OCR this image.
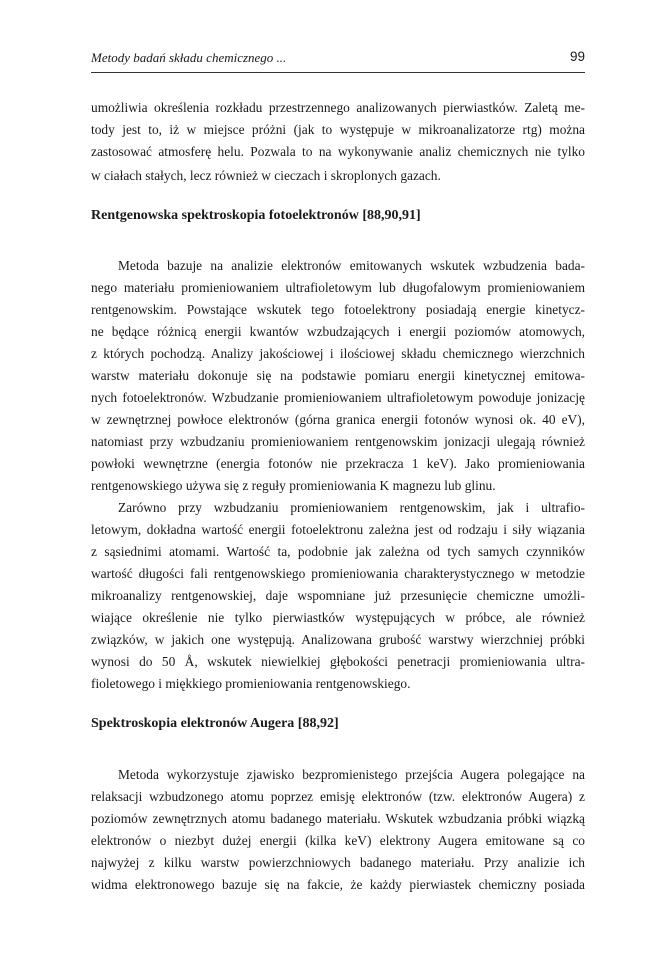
Metody badań składu chemicznego ...	99
umożliwia określenia rozkładu przestrzennego analizowanych pierwiastków. Zaletą me-
tody jest to, iż w miejsce próżni (jak to występuje w mikroanalizatorze rtg) można
zastosować atmosferę helu. Pozwala to na wykonywanie analiz chemicznych nie tylko
w ciałach stałych, lecz również w cieczach i skroplonych gazach.
Rentgenowska spektroskopia fotoelektronów [88,90,91]
Metoda bazuje na analizie elektronów emitowanych wskutek wzbudzenia bada-
nego materiału promieniowaniem ultrafioletowym lub długofalowym promieniowaniem
rentgenowskim. Powstające wskutek tego fotoelektrony posiadają energie kinetycz-
ne będące różnicą energii kwantów wzbudzających i energii poziomów atomowych,
z których pochodzą. Analizy jakościowej i ilościowej składu chemicznego wierzchnich
warstw materiału dokonuje się na podstawie pomiaru energii kinetycznej emitowa-
nych fotoelektronów. Wzbudzanie promieniowaniem ultrafioletowym powoduje jonizację
w zewnętrznej powłoce elektronów (górna granica energii fotonów wynosi ok. 40 eV),
natomiast przy wzbudzaniu promieniowaniem rentgenowskim jonizacji ulegają również
powłoki wewnętrzne (energia fotonów nie przekracza 1 keV). Jako promieniowania
rentgenowskiego używa się z reguły promieniowania K magnezu lub glinu.
Zarówno przy wzbudzaniu promieniowaniem rentgenowskim, jak i ultrafio-
letowym, dokładna wartość energii fotoelektronu zależna jest od rodzaju i siły wiązania
z sąsiednimi atomami. Wartość ta, podobnie jak zależna od tych samych czynników
wartość długości fali rentgenowskiego promieniowania charakterystycznego w metodzie
mikroanalizy rentgenowskiej, daje wspomniane już przesunięcie chemiczne umożli-
wiające określenie nie tylko pierwiastków występujących w próbce, ale również
związków, w jakich one występują. Analizowana grubość warstwy wierzchniej próbki
wynosi do 50 Å, wskutek niewielkiej głębokości penetracji promieniowania ultra-
fioletowego i miękkiego promieniowania rentgenowskiego.
Spektroskopia elektronów Augera [88,92]
Metoda wykorzystuje zjawisko bezpromienistego przejścia Augera polegające na
relaksacji wzbudzonego atomu poprzez emisję elektronów (tzw. elektronów Augera) z
poziomów zewnętrznych atomu badanego materiału. Wskutek wzbudzania próbki wiązką
elektronów o niezbyt dużej energii (kilka keV) elektrony Augera emitowane są co
najwyżej z kilku warstw powierzchniowych badanego materiału. Przy analizie ich
widma elektronowego bazuje się na fakcie, że każdy pierwiastek chemiczny posiada
